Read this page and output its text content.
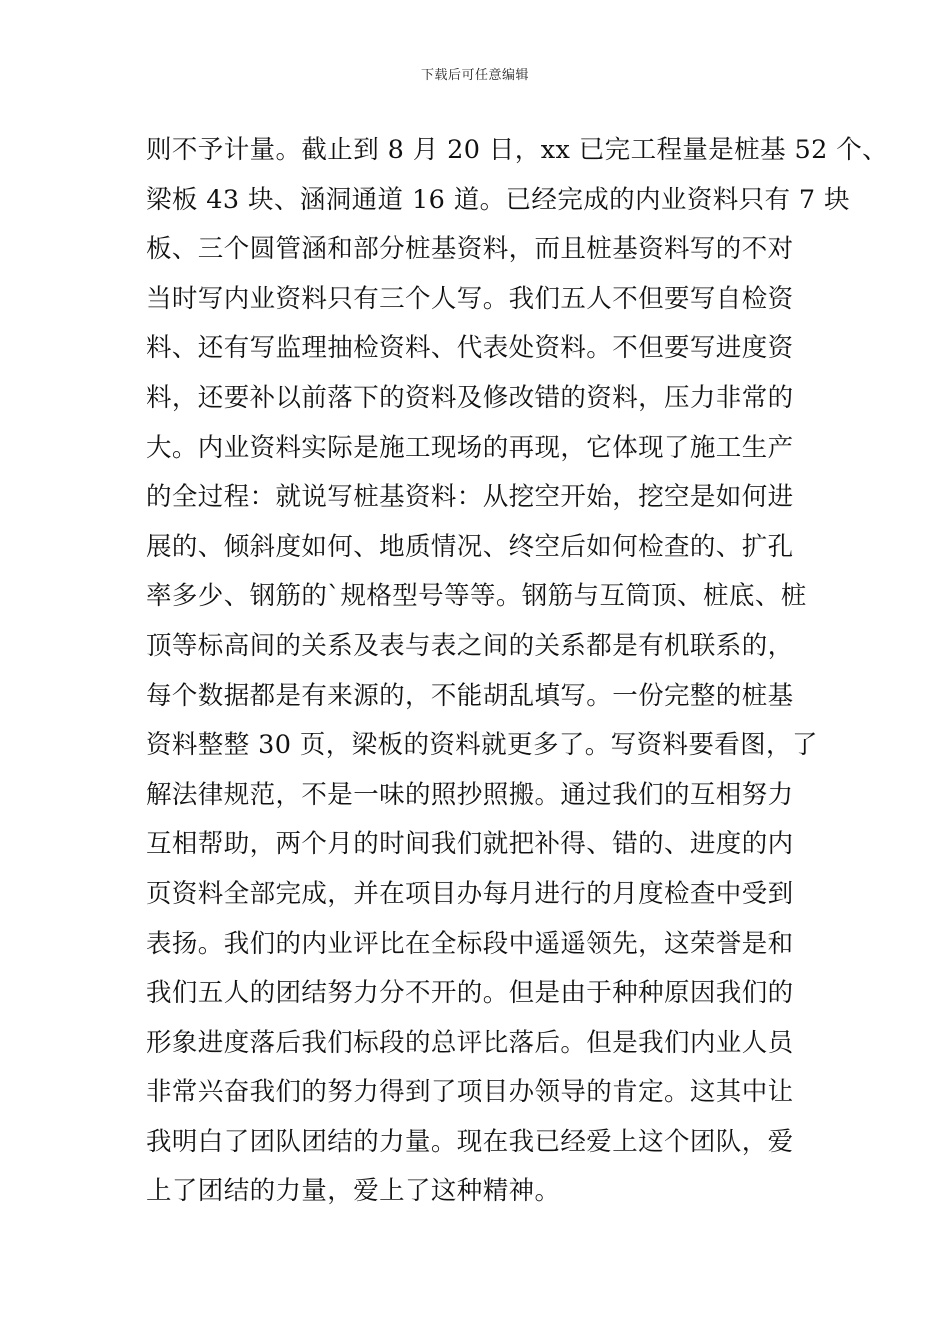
下载后可任意编辑
则不予计量。截止到 8 月 20 日，xx 已完工程量是桩基 52 个、
梁板 43 块、涵洞通道 16 道。已经完成的内业资料只有 7 块
板、三个圆管涵和部分桩基资料，而且桩基资料写的不对
当时写内业资料只有三个人写。我们五人不但要写自检资
料、还有写监理抽检资料、代表处资料。不但要写进度资
料，还要补以前落下的资料及修改错的资料，压力非常的
大。内业资料实际是施工现场的再现，它体现了施工生产
的全过程：就说写桩基资料：从挖空开始，挖空是如何进
展的、倾斜度如何、地质情况、终空后如何检查的、扩孔
率多少、钢筋的`规格型号等等。钢筋与互筒顶、桩底、桩
顶等标高间的关系及表与表之间的关系都是有机联系的，
每个数据都是有来源的，不能胡乱填写。一份完整的桩基
资料整整 30 页，梁板的资料就更多了。写资料要看图，了
解法律规范，不是一味的照抄照搬。通过我们的互相努力
互相帮助，两个月的时间我们就把补得、错的、进度的内
页资料全部完成，并在项目办每月进行的月度检查中受到
表扬。我们的内业评比在全标段中遥遥领先，这荣誉是和
我们五人的团结努力分不开的。但是由于种种原因我们的
形象进度落后我们标段的总评比落后。但是我们内业人员
非常兴奋我们的努力得到了项目办领导的肯定。这其中让
我明白了团队团结的力量。现在我已经爱上这个团队，爱
上了团结的力量，爱上了这种精神。
